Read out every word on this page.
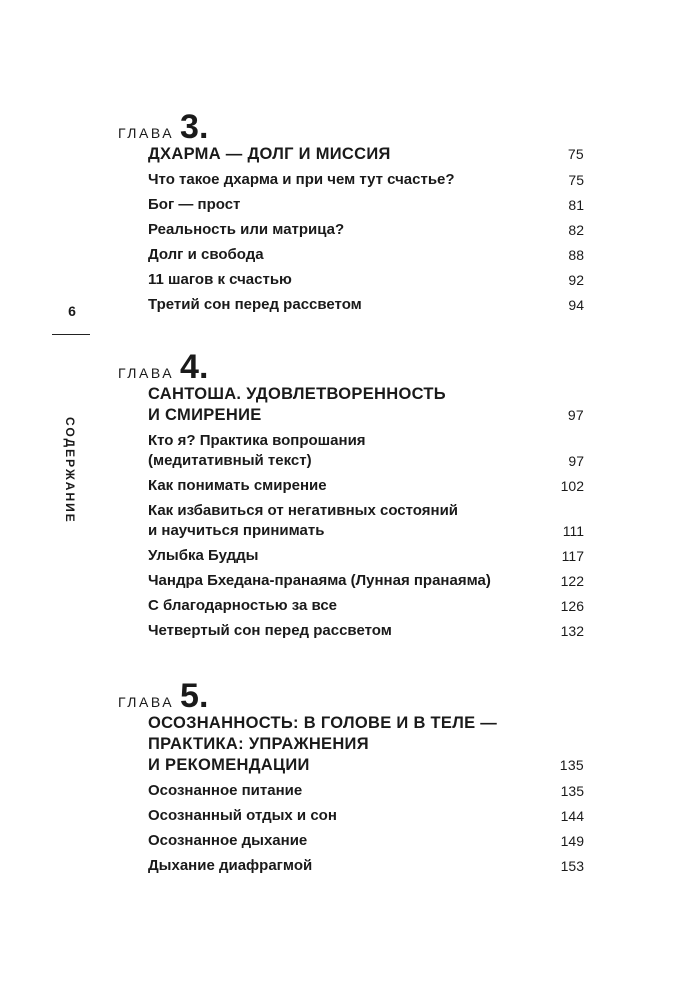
6
СОДЕРЖАНИЕ
ГЛАВА 3.
ДХАРМА — ДОЛГ И МИССИЯ	75
Что такое дхарма и при чем тут счастье?	75
Бог — прост	81
Реальность или матрица?	82
Долг и свобода	88
11 шагов к счастью	92
Третий сон перед рассветом	94
ГЛАВА 4.
САНТОША. УДОВЛЕТВОРЕННОСТЬ
И СМИРЕНИЕ	97
Кто я? Практика вопрошания
(медитативный текст)	97
Как понимать смирение	102
Как избавиться от негативных состояний
и научиться принимать	111
Улыбка Будды	117
Чандра Бхедана-пранаяма (Лунная пранаяма)	122
С благодарностью за все	126
Четвертый сон перед рассветом	132
ГЛАВА 5.
ОСОЗНАННОСТЬ: В ГОЛОВЕ И В ТЕЛЕ —
ПРАКТИКА: УПРАЖНЕНИЯ
И РЕКОМЕНДАЦИИ	135
Осознанное питание	135
Осознанный отдых и сон	144
Осознанное дыхание	149
Дыхание диафрагмой	153
